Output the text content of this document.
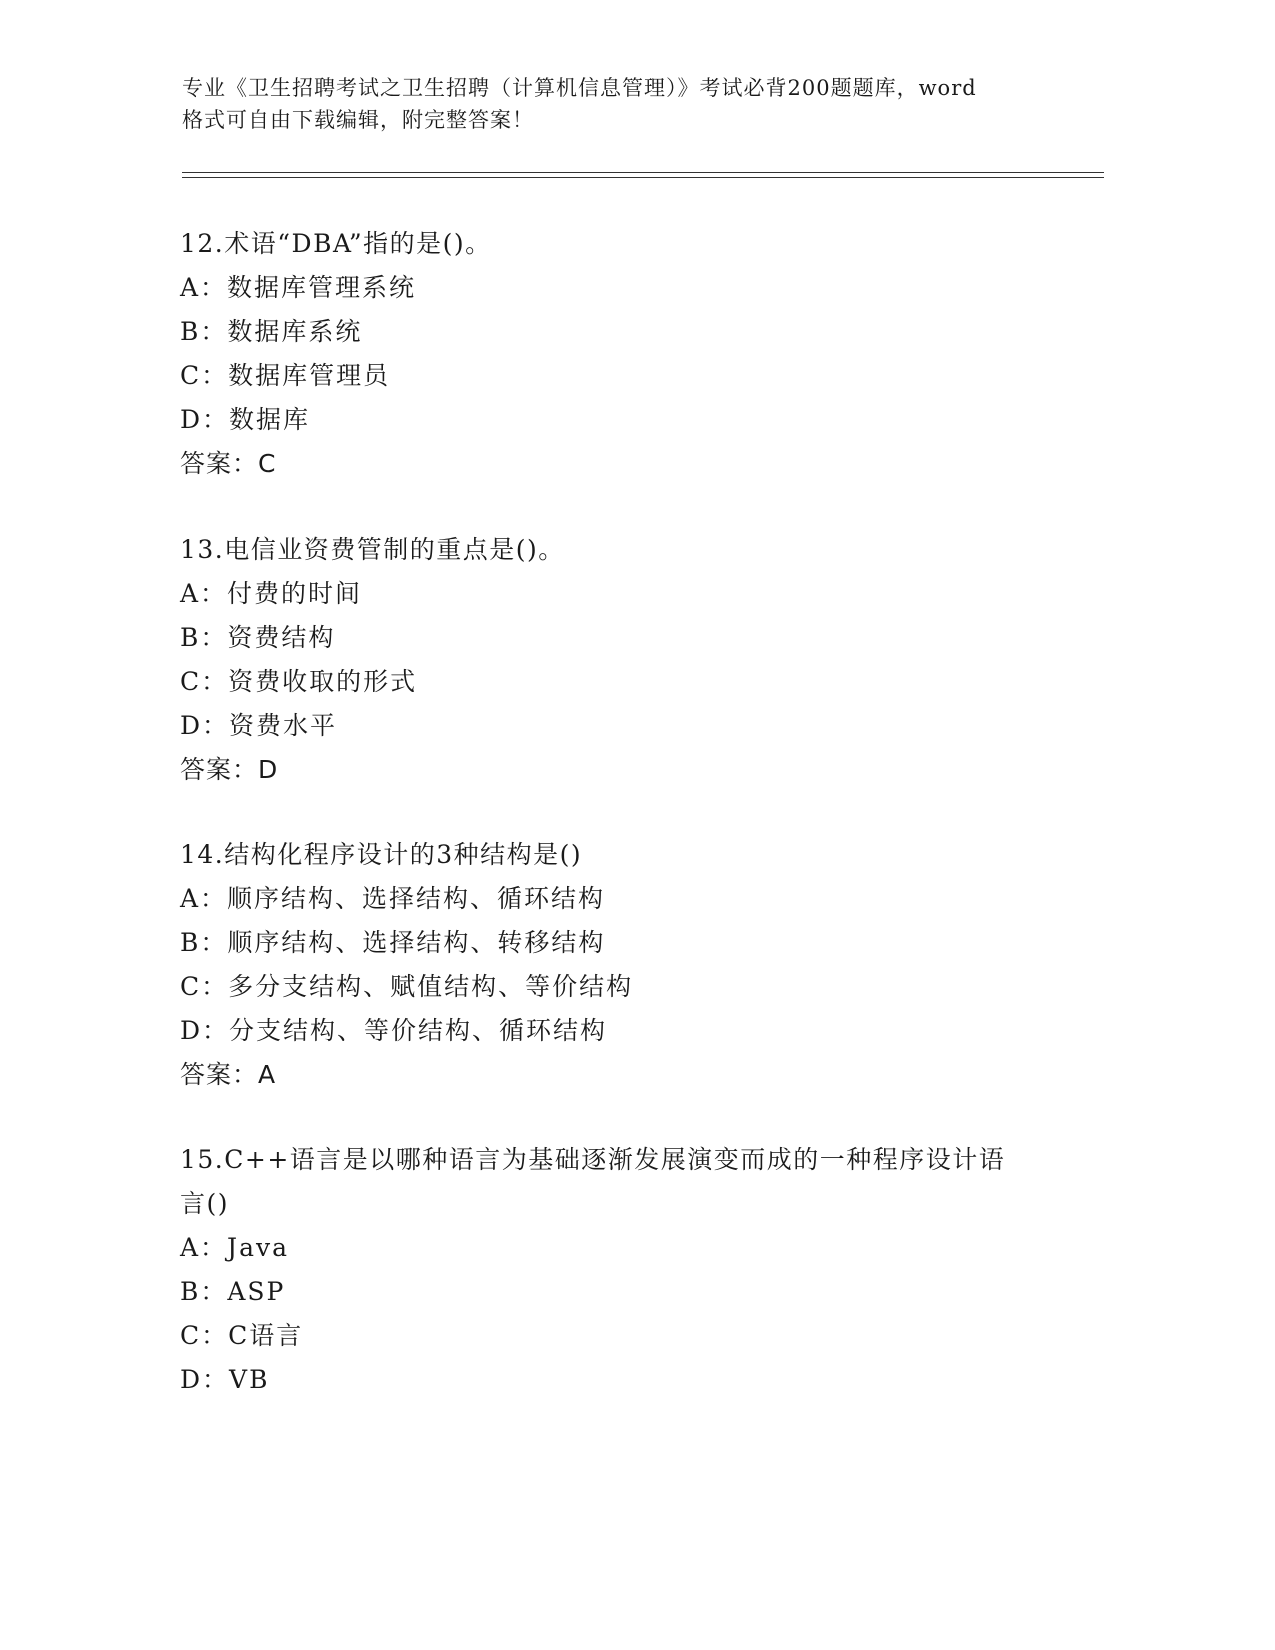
专业《卫生招聘考试之卫生招聘（计算机信息管理）》考试必背200题题库，word
格式可自由下载编辑，附完整答案！
12.术语“DBA”指的是()。
A：数据库管理系统
B：数据库系统
C：数据库管理员
D：数据库
答案：C
13.电信业资费管制的重点是()。
A：付费的时间
B：资费结构
C：资费收取的形式
D：资费水平
答案：D
14.结构化程序设计的3种结构是()
A：顺序结构、选择结构、循环结构
B：顺序结构、选择结构、转移结构
C：多分支结构、赋值结构、等价结构
D：分支结构、等价结构、循环结构
答案：A
15.C++语言是以哪种语言为基础逐渐发展演变而成的一种程序设计语
言()
A：Java
B：ASP
C：C语言
D：VB
